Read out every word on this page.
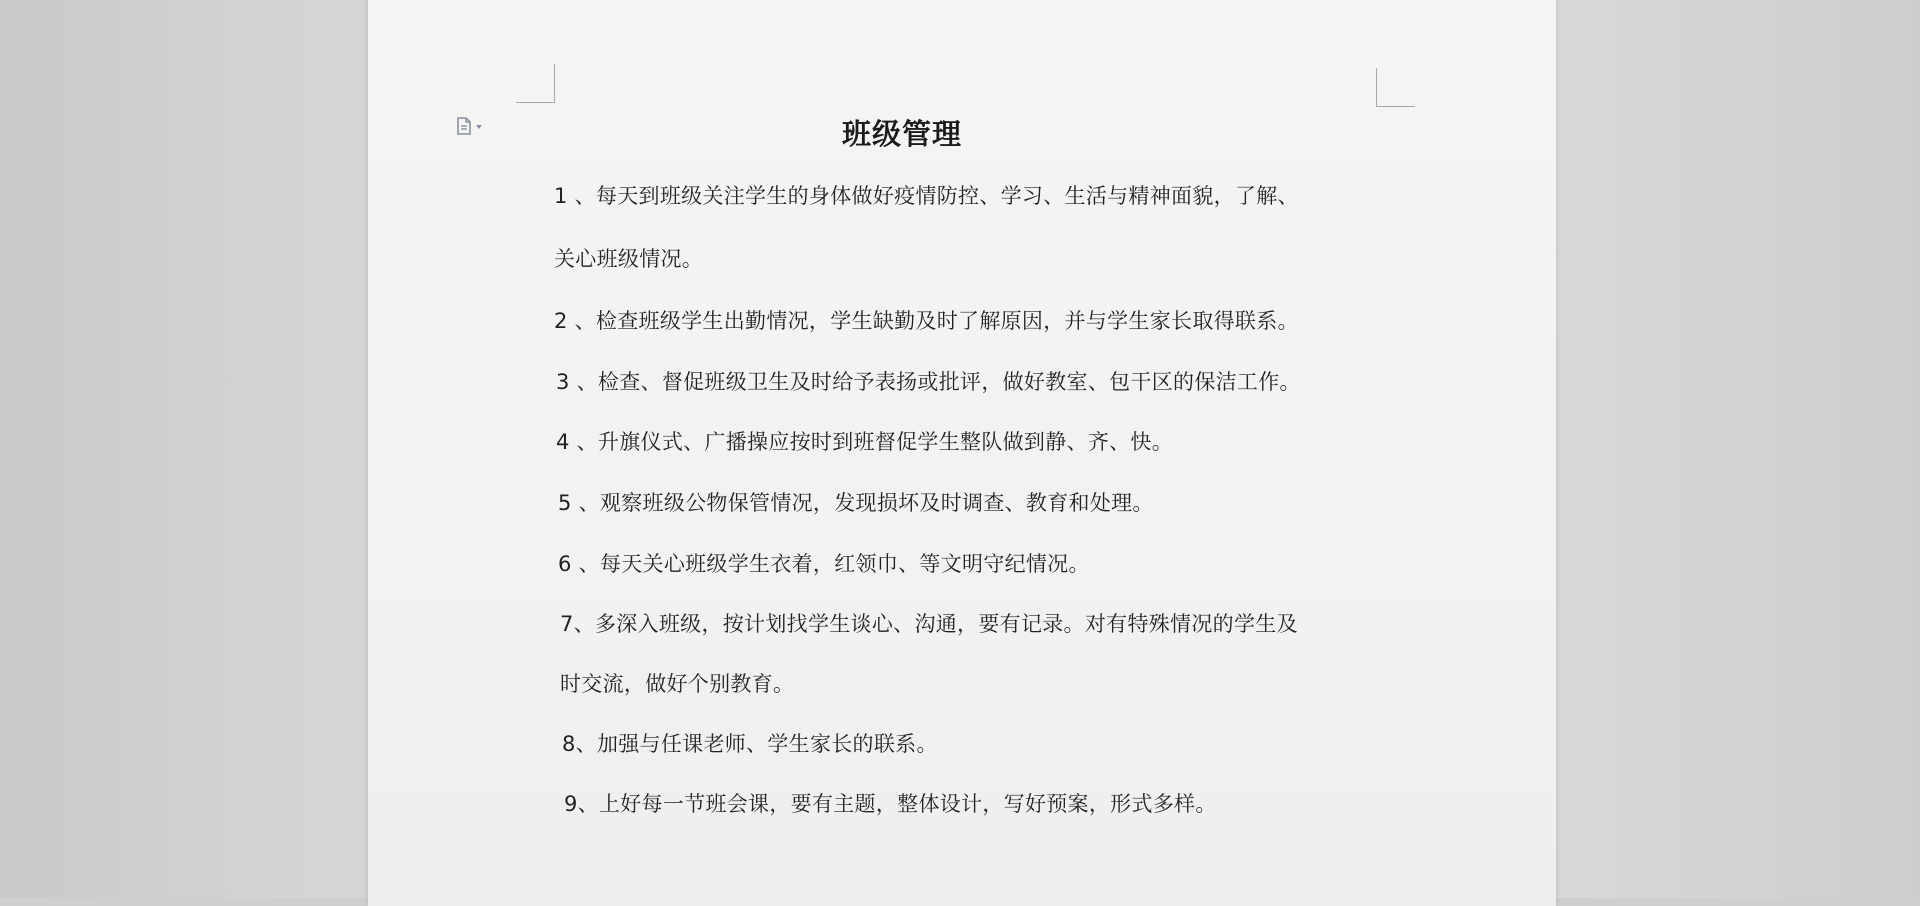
班级管理
1 、每天到班级关注学生的身体做好疫情防控、学习、生活与精神面貌，了解、
关心班级情况。
2 、检查班级学生出勤情况，学生缺勤及时了解原因，并与学生家长取得联系。
3 、检查、督促班级卫生及时给予表扬或批评，做好教室、包干区的保洁工作。
4 、升旗仪式、广播操应按时到班督促学生整队做到静、齐、快。
5 、观察班级公物保管情况，发现损坏及时调查、教育和处理。
6 、每天关心班级学生衣着，红领巾、等文明守纪情况。
7、多深入班级，按计划找学生谈心、沟通，要有记录。对有特殊情况的学生及
时交流，做好个别教育。
8、加强与任课老师、学生家长的联系。
9、上好每一节班会课，要有主题，整体设计，写好预案，形式多样。
